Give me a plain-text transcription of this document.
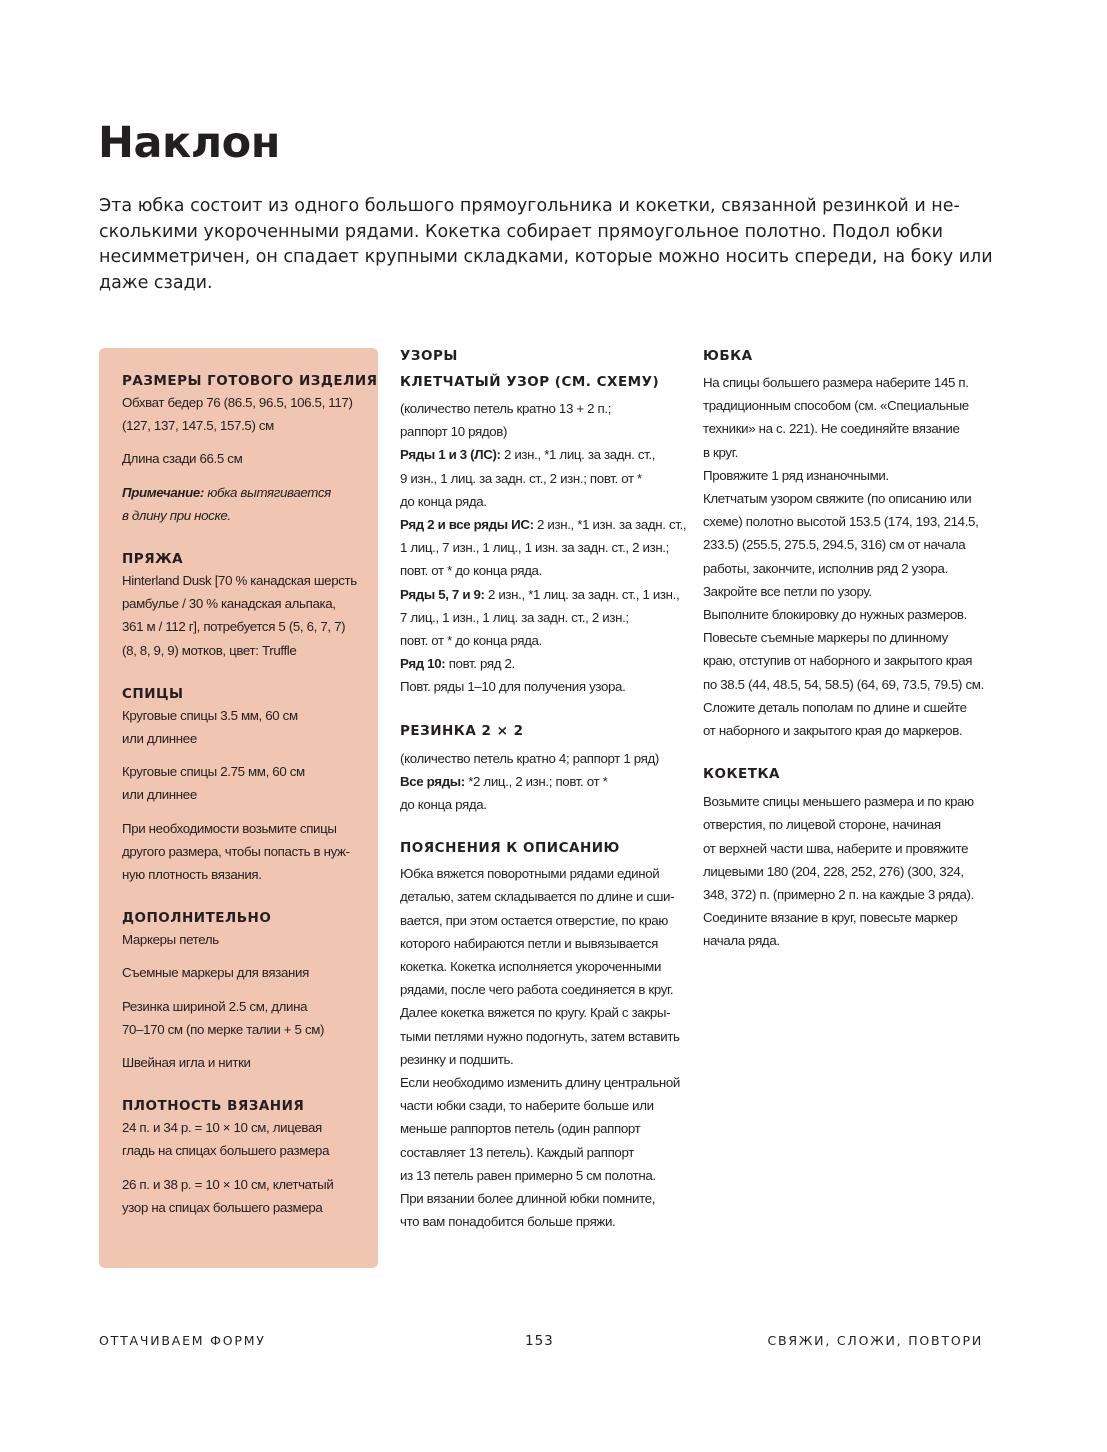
Наклон
Эта юбка состоит из одного большого прямоугольника и кокетки, связанной резинкой и не-
сколькими укороченными рядами. Кокетка собирает прямоугольное полотно. Подол юбки
несимметричен, он спадает крупными складками, которые можно носить спереди, на боку или
даже сзади.
РАЗМЕРЫ ГОТОВОГО ИЗДЕЛИЯ
Обхват бедер 76 (86.5, 96.5, 106.5, 117)
(127, 137, 147.5, 157.5) см
Длина сзади 66.5 см
Примечание: юбка вытягивается
в длину при носке.
ПРЯЖА
Hinterland Dusk [70 % канадская шерсть
рамбулье / 30 % канадская альпака,
361 м / 112 г], потребуется 5 (5, 6, 7, 7)
(8, 8, 9, 9) мотков, цвет: Truffle
СПИЦЫ
Круговые спицы 3.5 мм, 60 см
или длиннее
Круговые спицы 2.75 мм, 60 см
или длиннее
При необходимости возьмите спицы
другого размера, чтобы попасть в нуж-
ную плотность вязания.
ДОПОЛНИТЕЛЬНО
Маркеры петель
Съемные маркеры для вязания
Резинка шириной 2.5 см, длина
70–170 см (по мерке талии + 5 см)
Швейная игла и нитки
ПЛОТНОСТЬ ВЯЗАНИЯ
24 п. и 34 р. = 10 × 10 см, лицевая
гладь на спицах большего размера
26 п. и 38 р. = 10 × 10 см, клетчатый
узор на спицах большего размера
УЗОРЫ
КЛЕТЧАТЫЙ УЗОР (СМ. СХЕМУ)
(количество петель кратно 13 + 2 п.;
раппорт 10 рядов)
Ряды 1 и 3 (ЛС): 2 изн., *1 лиц. за задн. ст.,
9 изн., 1 лиц. за задн. ст., 2 изн.; повт. от *
до конца ряда.
Ряд 2 и все ряды ИС: 2 изн., *1 изн. за задн. ст.,
1 лиц., 7 изн., 1 лиц., 1 изн. за задн. ст., 2 изн.;
повт. от * до конца ряда.
Ряды 5, 7 и 9: 2 изн., *1 лиц. за задн. ст., 1 изн.,
7 лиц., 1 изн., 1 лиц. за задн. ст., 2 изн.;
повт. от * до конца ряда.
Ряд 10: повт. ряд 2.
Повт. ряды 1–10 для получения узора.
РЕЗИНКА 2 × 2
(количество петель кратно 4; раппорт 1 ряд)
Все ряды: *2 лиц., 2 изн.; повт. от *
до конца ряда.
ПОЯСНЕНИЯ К ОПИСАНИЮ
Юбка вяжется поворотными рядами единой
деталью, затем складывается по длине и сши-
вается, при этом остается отверстие, по краю
которого набираются петли и вывязывается
кокетка. Кокетка исполняется укороченными
рядами, после чего работа соединяется в круг.
Далее кокетка вяжется по кругу. Край с закры-
тыми петлями нужно подогнуть, затем вставить
резинку и подшить.
Если необходимо изменить длину центральной
части юбки сзади, то наберите больше или
меньше раппортов петель (один раппорт
составляет 13 петель). Каждый раппорт
из 13 петель равен примерно 5 см полотна.
При вязании более длинной юбки помните,
что вам понадобится больше пряжи.
ЮБКА
На спицы большего размера наберите 145 п.
традиционным способом (см. «Специальные
техники» на с. 221). Не соединяйте вязание
в круг.
Провяжите 1 ряд изнаночными.
Клетчатым узором свяжите (по описанию или
схеме) полотно высотой 153.5 (174, 193, 214.5,
233.5) (255.5, 275.5, 294.5, 316) см от начала
работы, закончите, исполнив ряд 2 узора.
Закройте все петли по узору.
Выполните блокировку до нужных размеров.
Повесьте съемные маркеры по длинному
краю, отступив от наборного и закрытого края
по 38.5 (44, 48.5, 54, 58.5) (64, 69, 73.5, 79.5) см.
Сложите деталь пополам по длине и сшейте
от наборного и закрытого края до маркеров.
КОКЕТКА
Возьмите спицы меньшего размера и по краю
отверстия, по лицевой стороне, начиная
от верхней части шва, наберите и провяжите
лицевыми 180 (204, 228, 252, 276) (300, 324,
348, 372) п. (примерно 2 п. на каждые 3 ряда).
Соедините вязание в круг, повесьте маркер
начала ряда.
ОТТАЧИВАЕМ ФОРМУ	153	СВЯЖИ, СЛОЖИ, ПОВТОРИ
